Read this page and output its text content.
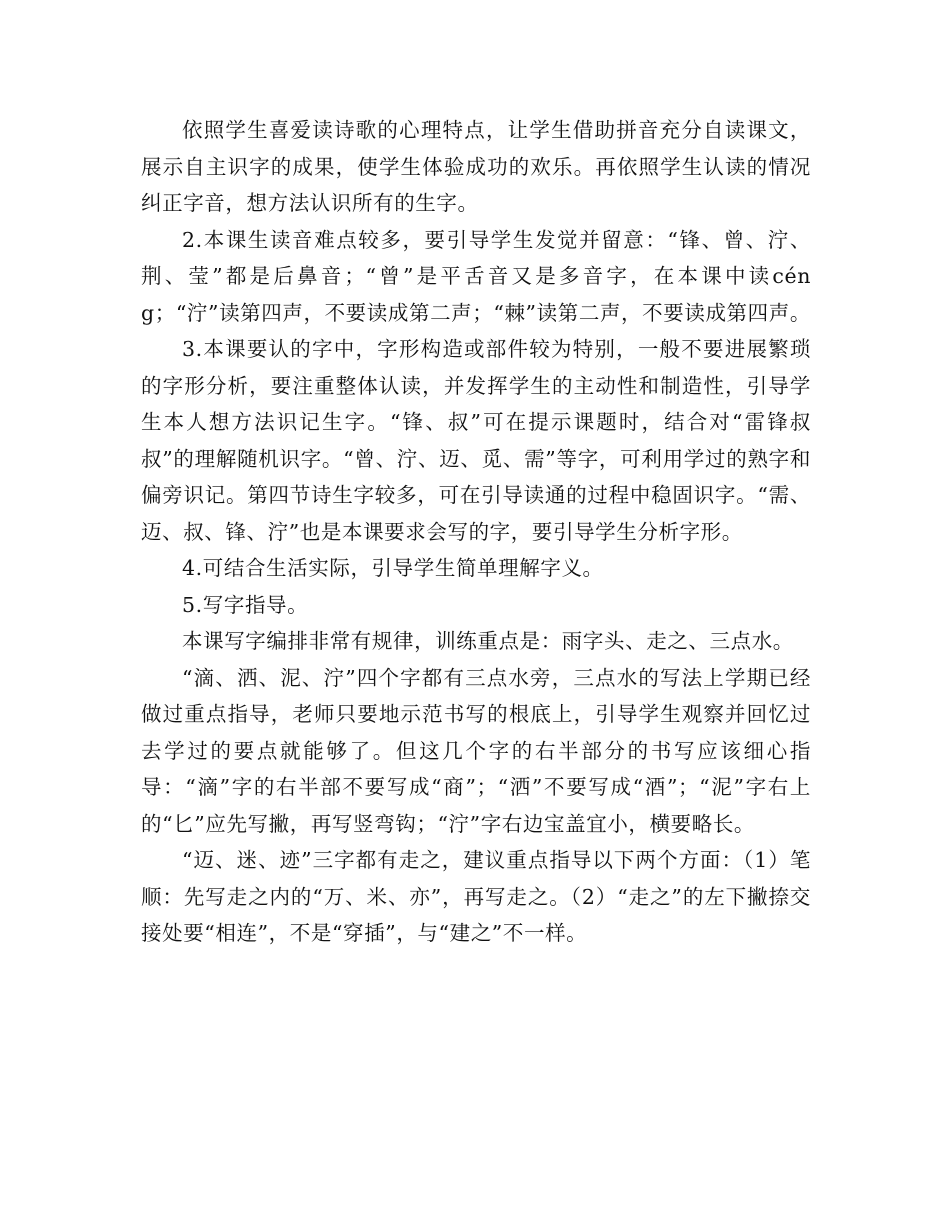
依照学生喜爱读诗歌的心理特点，让学生借助拼音充分自读课文，展示自主识字的成果，使学生体验成功的欢乐。再依照学生认读的情况纠正字音，想方法认识所有的生字。

2.本课生读音难点较多，要引导学生发觉并留意：“锋、曾、泞、荆、莹”都是后鼻音；“曾”是平舌音又是多音字，在本课中读céng；“泞”读第四声，不要读成第二声；“棘”读第二声，不要读成第四声。

3.本课要认的字中，字形构造或部件较为特别，一般不要进展繁琐的字形分析，要注重整体认读，并发挥学生的主动性和制造性，引导学生本人想方法识记生字。“锋、叔”可在提示课题时，结合对“雷锋叔叔”的理解随机识字。“曾、泞、迈、觅、需”等字，可利用学过的熟字和偏旁识记。第四节诗生字较多，可在引导读通的过程中稳固识字。“需、迈、叔、锋、泞”也是本课要求会写的字，要引导学生分析字形。

4.可结合生活实际，引导学生简单理解字义。

5.写字指导。

本课写字编排非常有规律，训练重点是：雨字头、走之、三点水。

“滴、洒、泥、泞”四个字都有三点水旁，三点水的写法上学期已经做过重点指导，老师只要地示范书写的根底上，引导学生观察并回忆过去学过的要点就能够了。但这几个字的右半部分的书写应该细心指导：“滴”字的右半部不要写成“商”；“洒”不要写成“酒”；“泥”字右上的“匕”应先写撇，再写竖弯钩；“泞”字右边宝盖宜小，横要略长。

“迈、迷、迹”三字都有走之，建议重点指导以下两个方面：（1）笔顺：先写走之内的“万、米、亦”，再写走之。（2）“走之”的左下撇捺交接处要“相连”，不是“穿插”，与“建之”不一样。
